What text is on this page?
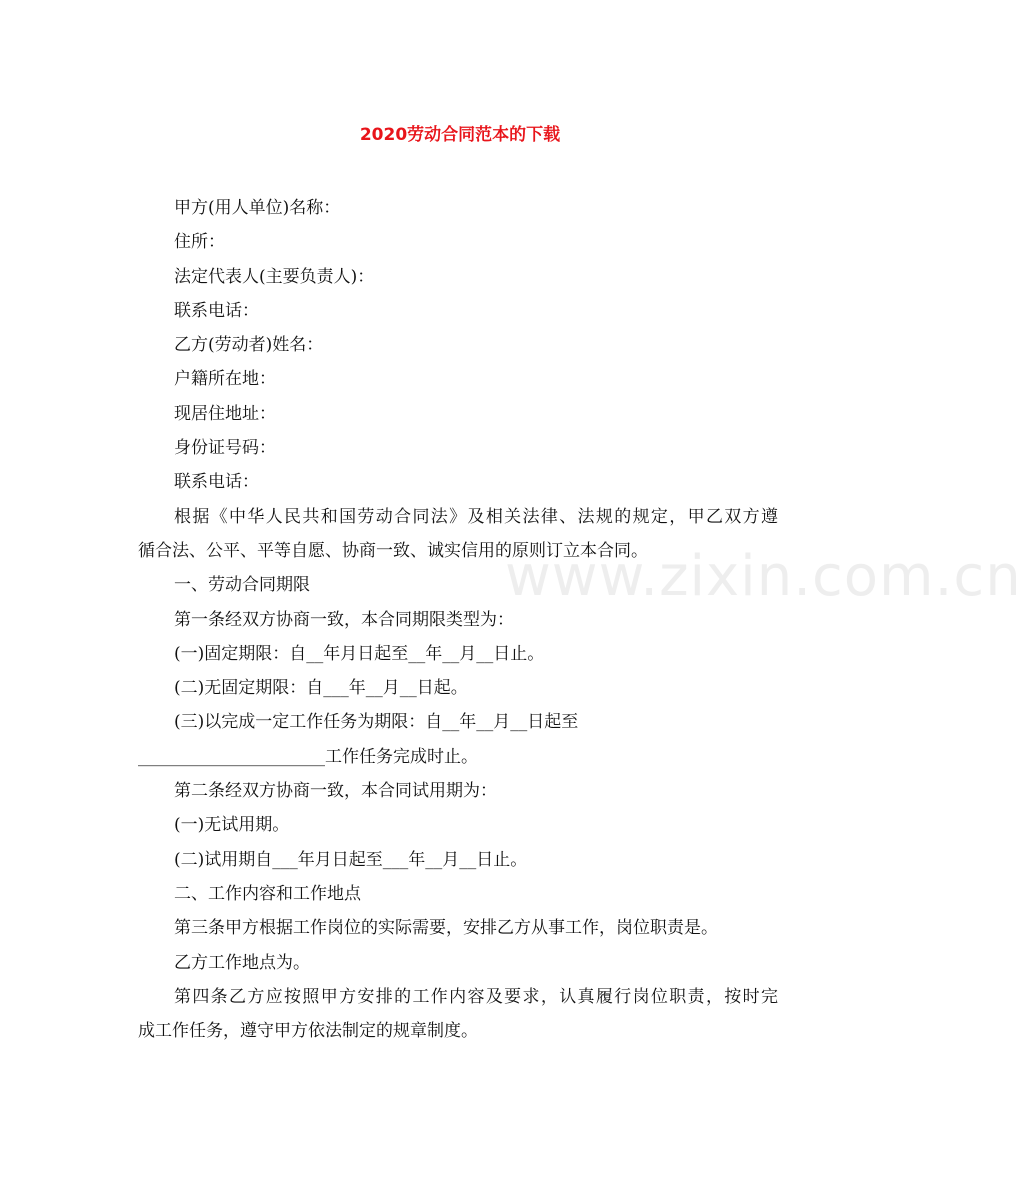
www.zixin.com.cn
2020劳动合同范本的下载

甲方(用人单位)名称：

住所：

法定代表人(主要负责人)：

联系电话：

乙方(劳动者)姓名：

户籍所在地：

现居住地址：

身份证号码：

联系电话：

根据《中华人民共和国劳动合同法》及相关法律、法规的规定，甲乙双方遵

循合法、公平、平等自愿、协商一致、诚实信用的原则订立本合同。

一、劳动合同期限

第一条经双方协商一致，本合同期限类型为：

(一)固定期限：自__年月日起至__年__月__日止。

(二)无固定期限：自___年__月__日起。

(三)以完成一定工作任务为期限：自__年__月__日起至

______________________工作任务完成时止。

第二条经双方协商一致，本合同试用期为：

(一)无试用期。

(二)试用期自___年月日起至___年__月__日止。

二、工作内容和工作地点

第三条甲方根据工作岗位的实际需要，安排乙方从事工作，岗位职责是。

乙方工作地点为。

第四条乙方应按照甲方安排的工作内容及要求，认真履行岗位职责，按时完

成工作任务，遵守甲方依法制定的规章制度。
